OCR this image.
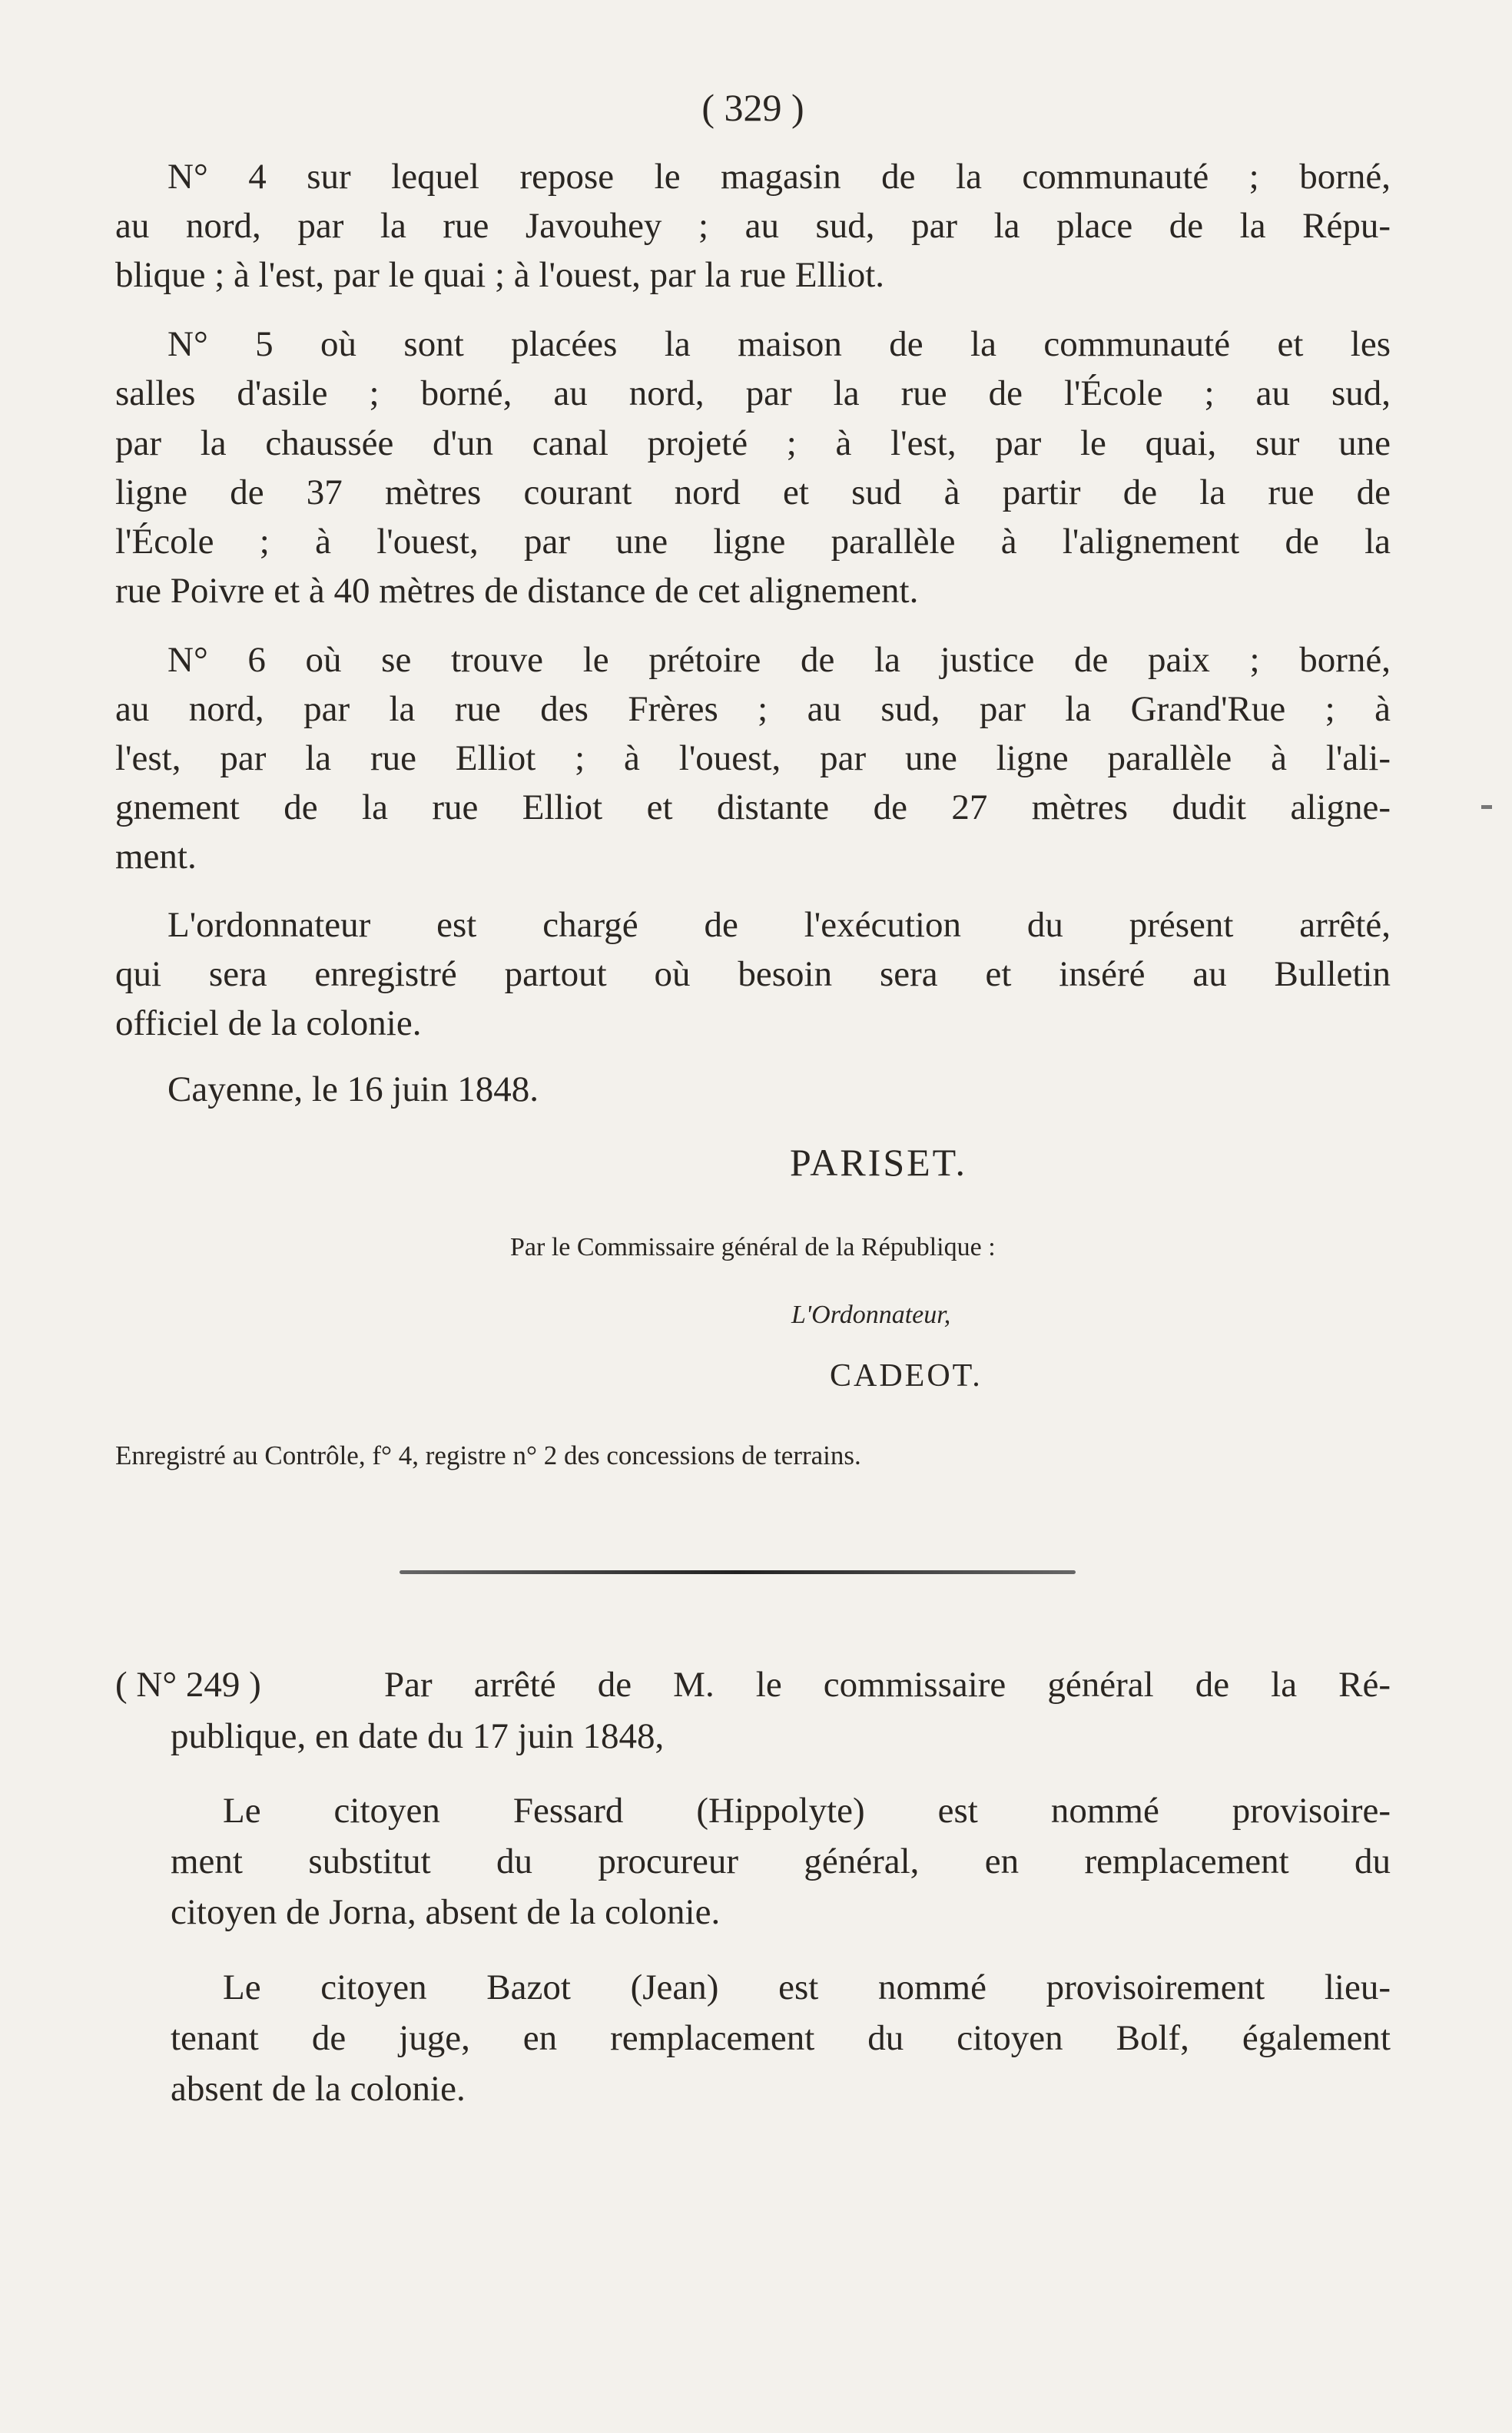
( 329 )
N° 4 sur lequel repose le magasin de la communauté ; borné,
au nord, par la rue Javouhey ; au sud, par la place de la Répu-
blique ; à l'est, par le quai ; à l'ouest, par la rue Elliot.
N° 5 où sont placées la maison de la communauté et les
salles d'asile ; borné, au nord, par la rue de l'École ; au sud,
par la chaussée d'un canal projeté ; à l'est, par le quai, sur une
ligne de 37 mètres courant nord et sud à partir de la rue de
l'École ; à l'ouest, par une ligne parallèle à l'alignement de la
rue Poivre et à 40 mètres de distance de cet alignement.
N° 6 où se trouve le prétoire de la justice de paix ; borné,
au nord, par la rue des Frères ; au sud, par la Grand'Rue ; à
l'est, par la rue Elliot ; à l'ouest, par une ligne parallèle à l'ali-
gnement de la rue Elliot et distante de 27 mètres dudit aligne-
ment.
L'ordonnateur est chargé de l'exécution du présent arrêté,
qui sera enregistré partout où besoin sera et inséré au Bulletin
officiel de la colonie.
Cayenne, le 16 juin 1848.
PARISET.
Par le Commissaire général de la République :
L'Ordonnateur,
CADEOT.
Enregistré au Contrôle, f° 4, registre n° 2 des concessions de terrains.
( N° 249 )	Par arrêté de M. le commissaire général de la Ré-
publique, en date du 17 juin 1848,
Le citoyen Fessard (Hippolyte) est nommé provisoire-
ment substitut du procureur général, en remplacement du
citoyen de Jorna, absent de la colonie.
Le citoyen Bazot (Jean) est nommé provisoirement lieu-
tenant de juge, en remplacement du citoyen Bolf, également
absent de la colonie.
